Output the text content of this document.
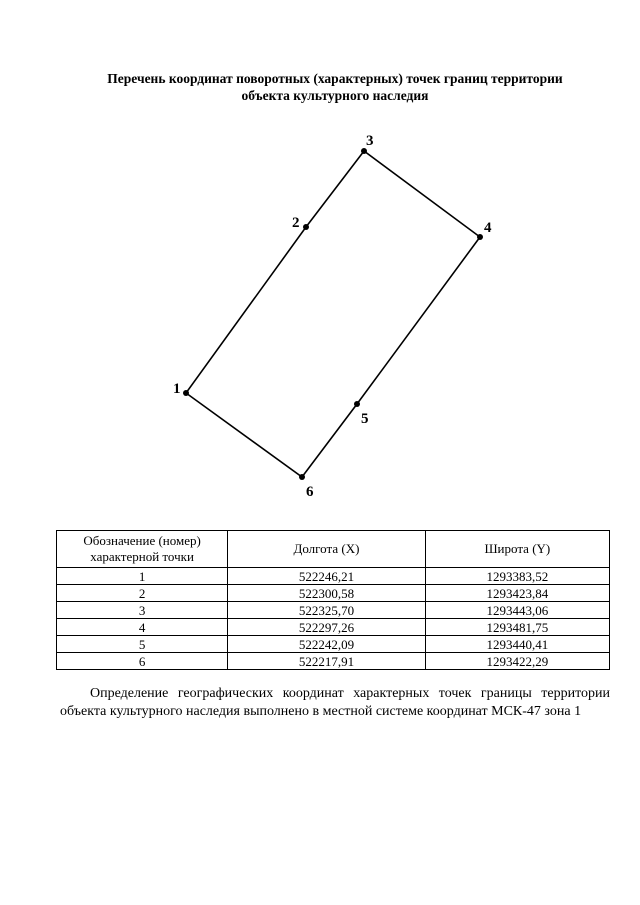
Перечень координат поворотных (характерных) точек границ территории
объекта культурного наследия
1
2
3
4
5
6
Обозначение (номер) характерной точки	Долгота (X)	Широта (Y)
1	522246,21	1293383,52
2	522300,58	1293423,84
3	522325,70	1293443,06
4	522297,26	1293481,75
5	522242,09	1293440,41
6	522217,91	1293422,29

Определение географических координат характерных точек границы территории объекта культурного наследия выполнено в местной системе координат МСК-47 зона 1
